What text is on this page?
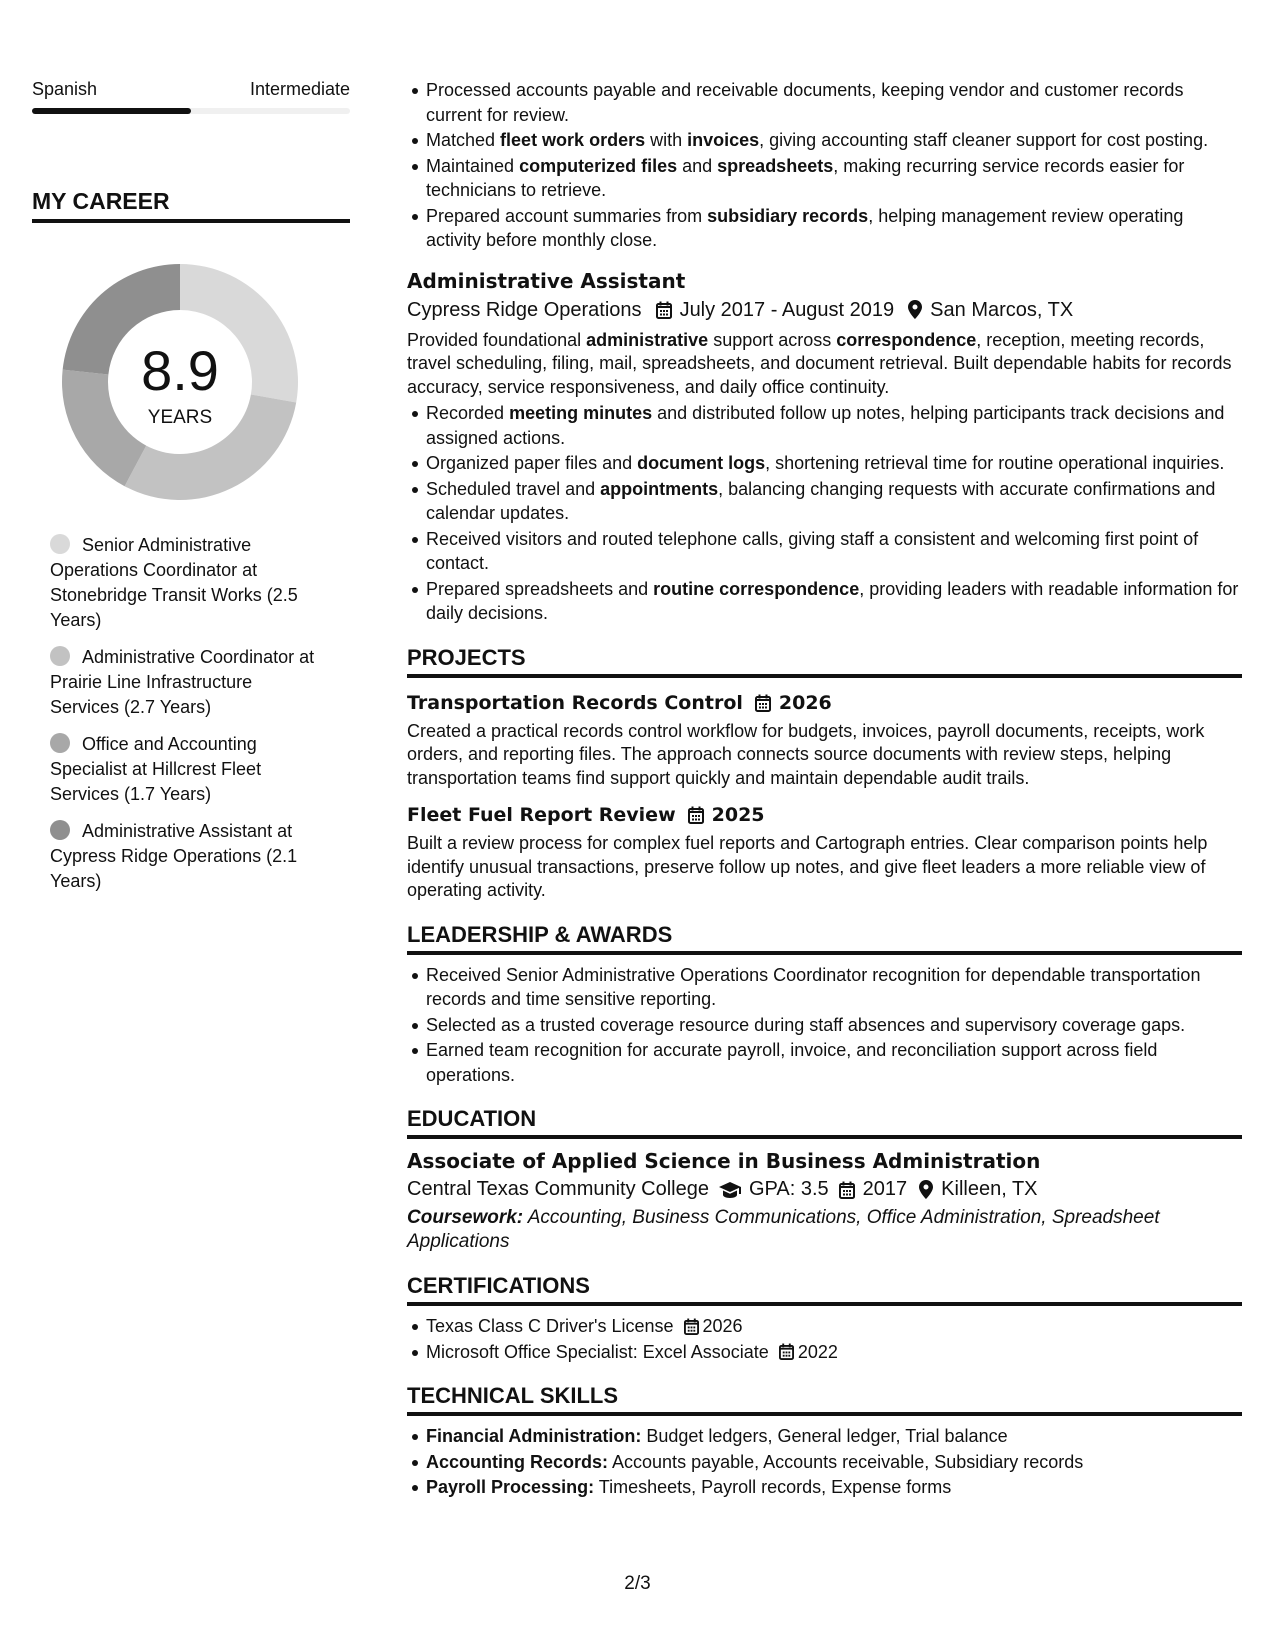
Spanish	Intermediate
MY CAREER
8.9
YEARS
Senior Administrative Operations Coordinator at Stonebridge Transit Works (2.5 Years)
Administrative Coordinator at Prairie Line Infrastructure Services (2.7 Years)
Office and Accounting Specialist at Hillcrest Fleet Services (1.7 Years)
Administrative Assistant at Cypress Ridge Operations (2.1 Years)
Processed accounts payable and receivable documents, keeping vendor and customer records current for review.
Matched fleet work orders with invoices, giving accounting staff cleaner support for cost posting.
Maintained computerized files and spreadsheets, making recurring service records easier for technicians to retrieve.
Prepared account summaries from subsidiary records, helping management review operating activity before monthly close.
Administrative Assistant
Cypress Ridge Operations July 2017 - August 2019 San Marcos, TX
Provided foundational administrative support across correspondence, reception, meeting records, travel scheduling, filing, mail, spreadsheets, and document retrieval. Built dependable habits for records accuracy, service responsiveness, and daily office continuity.
Recorded meeting minutes and distributed follow up notes, helping participants track decisions and assigned actions.
Organized paper files and document logs, shortening retrieval time for routine operational inquiries.
Scheduled travel and appointments, balancing changing requests with accurate confirmations and calendar updates.
Received visitors and routed telephone calls, giving staff a consistent and welcoming first point of contact.
Prepared spreadsheets and routine correspondence, providing leaders with readable information for daily decisions.
PROJECTS
Transportation Records Control 2026
Created a practical records control workflow for budgets, invoices, payroll documents, receipts, work orders, and reporting files. The approach connects source documents with review steps, helping transportation teams find support quickly and maintain dependable audit trails.
Fleet Fuel Report Review 2025
Built a review process for complex fuel reports and Cartograph entries. Clear comparison points help identify unusual transactions, preserve follow up notes, and give fleet leaders a more reliable view of operating activity.
LEADERSHIP & AWARDS
Received Senior Administrative Operations Coordinator recognition for dependable transportation records and time sensitive reporting.
Selected as a trusted coverage resource during staff absences and supervisory coverage gaps.
Earned team recognition for accurate payroll, invoice, and reconciliation support across field operations.
EDUCATION
Associate of Applied Science in Business Administration
Central Texas Community College GPA: 3.5 2017 Killeen, TX
Coursework: Accounting, Business Communications, Office Administration, Spreadsheet Applications
CERTIFICATIONS
Texas Class C Driver's License 2026
Microsoft Office Specialist: Excel Associate 2022
TECHNICAL SKILLS
Financial Administration: Budget ledgers, General ledger, Trial balance
Accounting Records: Accounts payable, Accounts receivable, Subsidiary records
Payroll Processing: Timesheets, Payroll records, Expense forms
2/3
